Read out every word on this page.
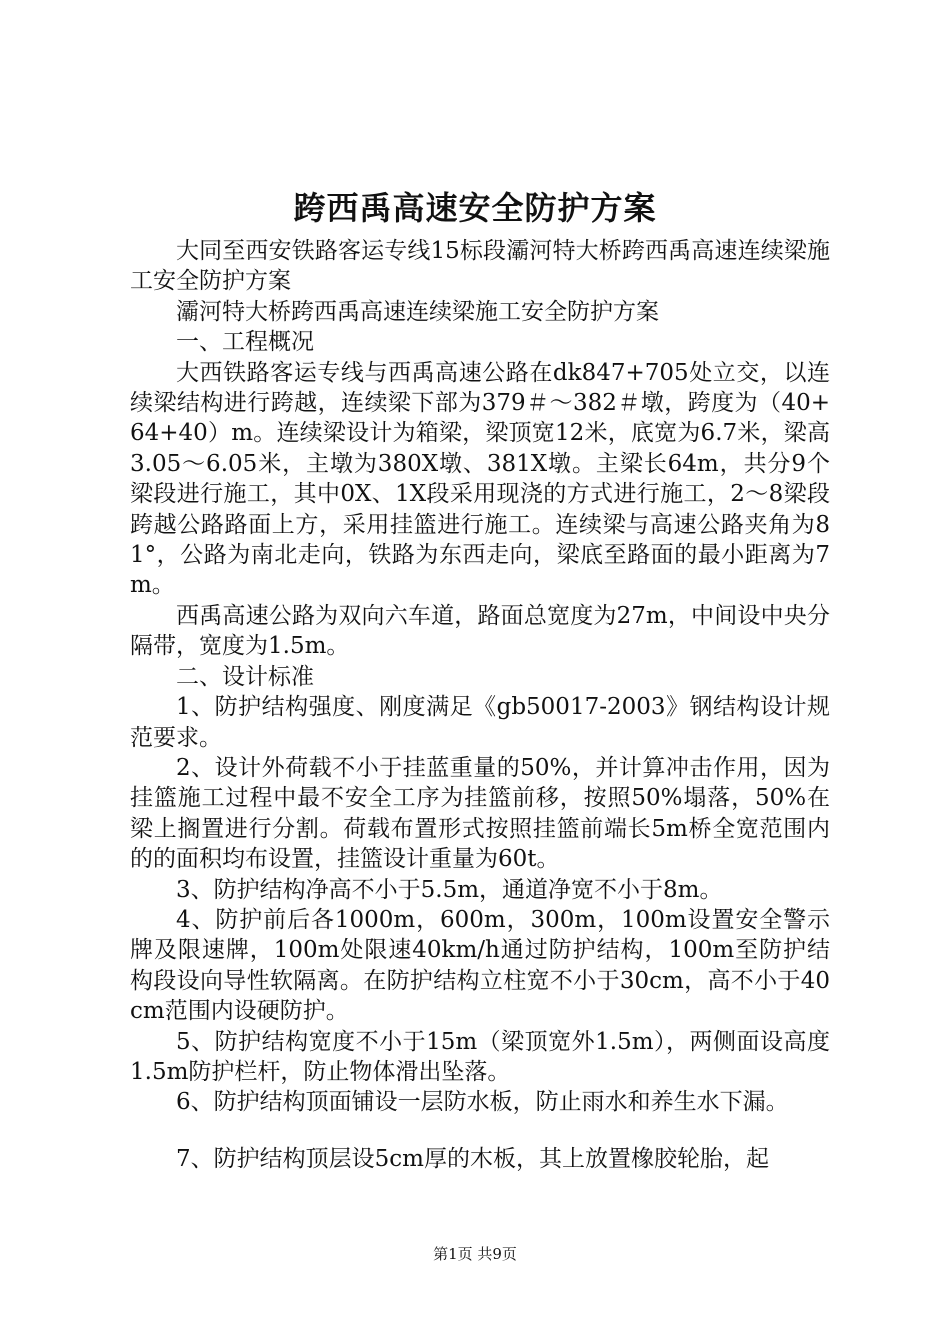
跨西禹高速安全防护方案

大同至西安铁路客运专线15标段灞河特大桥跨西禹高速连续梁施工安全防护方案

灞河特大桥跨西禹高速连续梁施工安全防护方案

一、工程概况

大西铁路客运专线与西禹高速公路在dk847+705处立交，以连续梁结构进行跨越，连续梁下部为379＃～382＃墩，跨度为（40+64+40）m。连续梁设计为箱梁，梁顶宽12米，底宽为6.7米，梁高3.05～6.05米，主墩为380X墩、381X墩。主梁长64m，共分9个梁段进行施工，其中0X、1X段采用现浇的方式进行施工，2～8梁段跨越公路路面上方，采用挂篮进行施工。连续梁与高速公路夹角为81°，公路为南北走向，铁路为东西走向，梁底至路面的最小距离为7m。

西禹高速公路为双向六车道，路面总宽度为27m，中间设中央分隔带，宽度为1.5m。

二、设计标准

1、防护结构强度、刚度满足《gb50017-2003》钢结构设计规范要求。

2、设计外荷载不小于挂蓝重量的50%，并计算冲击作用，因为挂篮施工过程中最不安全工序为挂篮前移，按照50%塌落，50%在梁上搁置进行分割。荷载布置形式按照挂篮前端长5m桥全宽范围内的的面积均布设置，挂篮设计重量为60t。

3、防护结构净高不小于5.5m，通道净宽不小于8m。

4、防护前后各1000m，600m，300m，100m设置安全警示牌及限速牌，100m处限速40km/h通过防护结构，100m至防护结构段设向导性软隔离。在防护结构立柱宽不小于30cm，高不小于40cm范围内设硬防护。

5、防护结构宽度不小于15m（梁顶宽外1.5m），两侧面设高度1.5m防护栏杆，防止物体滑出坠落。

6、防护结构顶面铺设一层防水板，防止雨水和养生水下漏。

7、防护结构顶层设5cm厚的木板，其上放置橡胶轮胎，起

第1页 共9页
